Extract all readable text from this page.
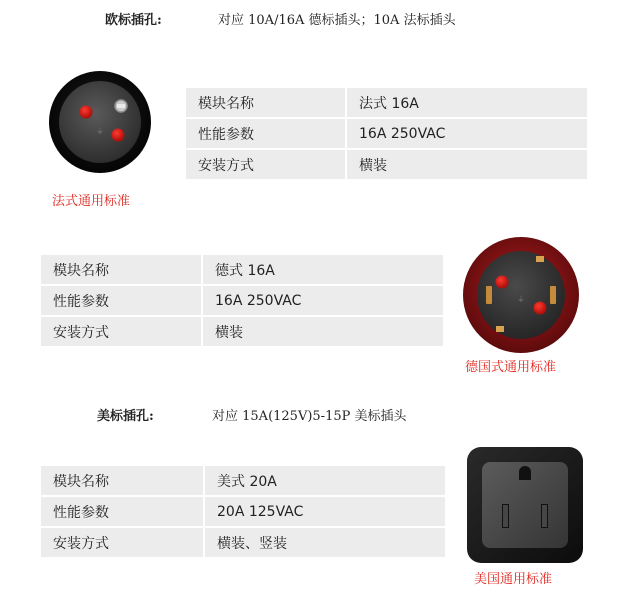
欧标插孔:	对应 10A/16A 德标插头；10A 法标插头
⏚
法式通用标准
模块名称	法式 16A
性能参数	16A 250VAC
安装方式	横装
模块名称	德式 16A
性能参数	16A 250VAC
安装方式	横装
⏚
德国式通用标准
美标插孔:	对应 15A(125V)5-15P 美标插头
模块名称	美式 20A
性能参数	20A 125VAC
安装方式	横装、竖装
美国通用标准
